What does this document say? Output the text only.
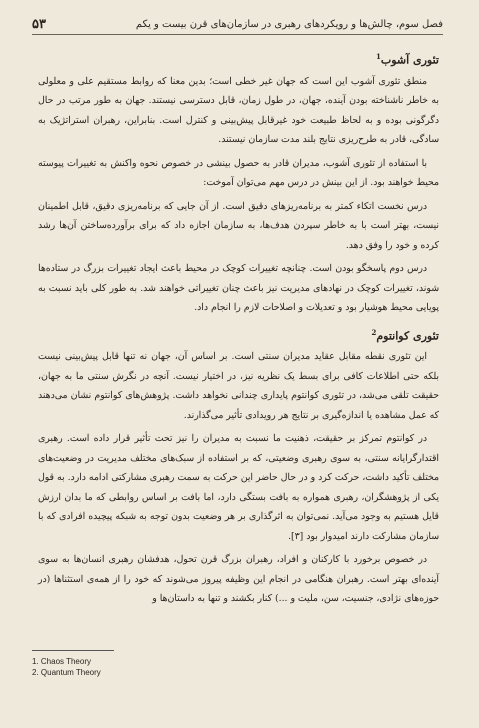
فصل سوم، چالش‌ها و رویکردهای رهبری در سازمان‌های قرن بیست و یکم
۵۳
تئوری آشوب$^1$

منطق تئوری آشوب این است که جهان غیر خطی است؛ بدین معنا که روابط مستقیم علی و معلولی به خاطر ناشناخته بودن آینده، جهان، در طول زمان، قابل دسترسی نیستند. جهان به طور مرتب در حال دگرگونی بوده و به لحاظ طبیعت خود غیرقابل پیش‌بینی و کنترل است. بنابراین، رهبران استراتژیک به سادگی، قادر به طرح‌ریزی نتایج بلند مدت سازمان نیستند.

با استفاده از تئوری آشوب، مدیران قادر به حصول بینشی در خصوص نحوه واکنش به تغییرات پیوسته محیط خواهند بود. از این بینش در درس مهم می‌توان آموخت:

درس نخست اتکاء کمتر به برنامه‌ریزهای دقیق است. از آن جایی که برنامه‌ریزی دقیق، قابل اطمینان نیست، بهتر است با به خاطر سپردن هدف‌ها، به سازمان اجازه داد که برای برآورده‌ساختن آن‌ها رشد کرده و خود را وفق دهد.

درس دوم پاسخگو بودن است. چنانچه تغییرات کوچک در محیط باعث ایجاد تغییرات بزرگ در ستاده‌ها شوند، تغییرات کوچک در نهادهای مدیریت نیز باعث چنان تغییراتی خواهند شد. به طور کلی باید نسبت به پویایی محیط هوشیار بود و تعدیلات و اصلاحات لازم را انجام داد.

تئوری کوانتوم$^2$

این تئوری نقطه مقابل عقاید مدیران سنتی است. بر اساس آن، جهان نه تنها قابل پیش‌بینی نیست بلکه حتی اطلاعات کافی برای بسط یک نظریه نیز، در اختیار نیست. آنچه در نگرش سنتی ما به جهان، حقیقت تلقی می‌شد، در تئوری کوانتوم پایداری چندانی نخواهد داشت. پژوهش‌های کوانتوم نشان می‌دهند که عمل مشاهده یا اندازه‌گیری بر نتایج هر رویدادی تأثیر می‌گذارند.

در کوانتوم تمرکز بر حقیقت، ذهنیت ما نسبت به مدیران را نیز تحت تأثیر قرار داده است. رهبری اقتدارگرایانه سنتی، به سوی رهبری وضعیتی، که بر استفاده از سبک‌های مختلف مدیریت در وضعیت‌های مختلف تأکید داشت، حرکت کرد و در حال حاضر این حرکت به سمت رهبری مشارکتی ادامه دارد. به قول یکی از پژوهشگران، رهبری همواره به بافت بستگی دارد، اما بافت بر اساس روابطی که ما بدان ارزش قایل هستیم به وجود می‌آید. نمی‌توان به اثرگذاری بر هر وضعیت بدون توجه به شبکه پیچیده افرادی که با سازمان مشارکت دارند امیدوار بود [۳].

در خصوص برخورد با کارکنان و افراد، رهبران بزرگ قرن تحول، هدفشان رهبری انسان‌ها به سوی آینده‌ای بهتر است. رهبران هنگامی در انجام این وظیفه پیروز می‌شوند که خود را از همه‌ی استثناها (در حوزه‌های نژادی، جنسیت، سن، ملیت و ...) کنار بکشند و تنها به داستان‌ها و

1. Chaos Theory
2. Quantum Theory
